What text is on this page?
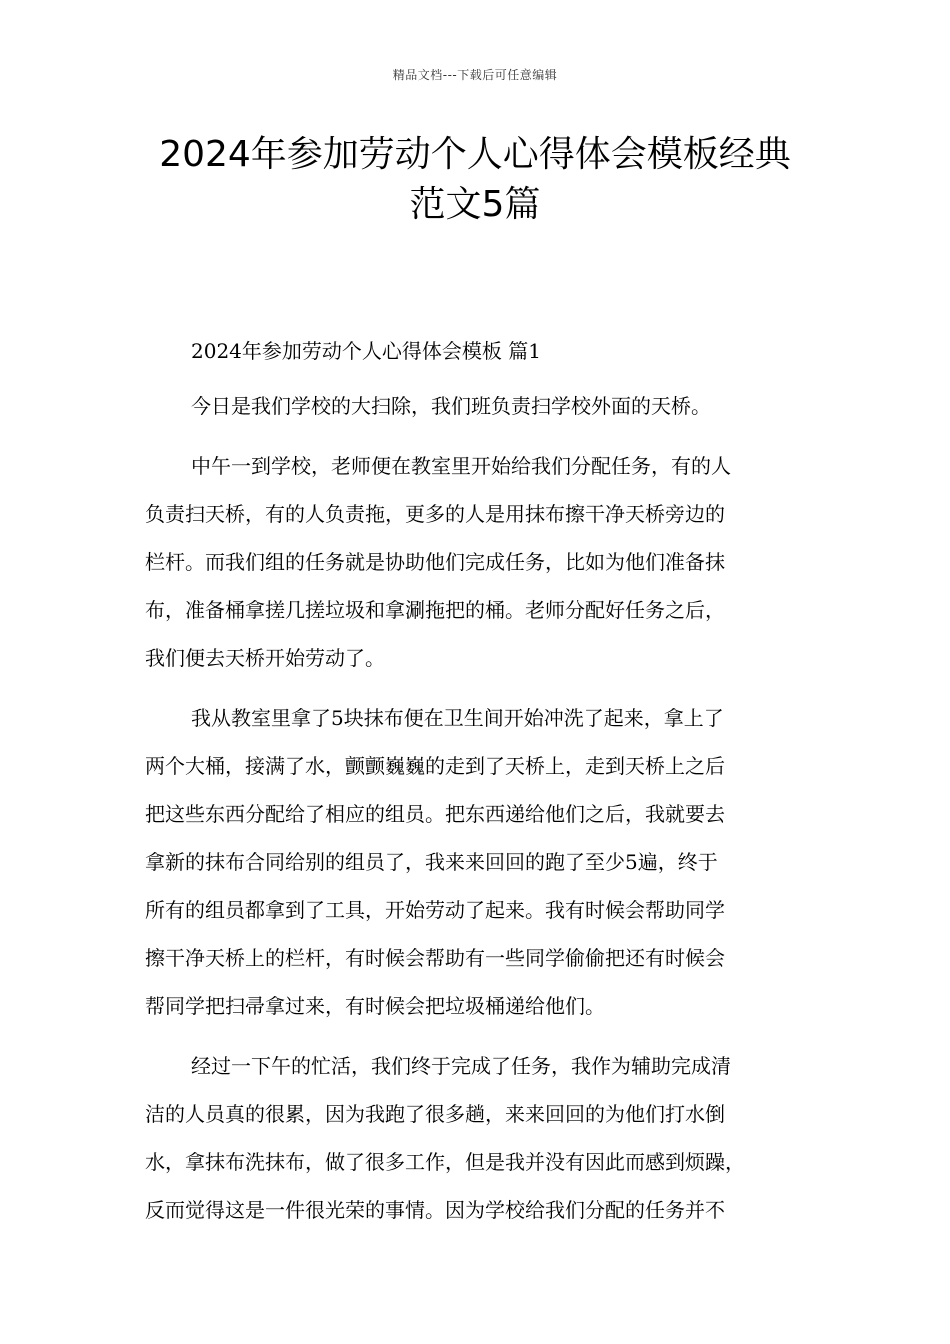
精品文档---下载后可任意编辑
2024年参加劳动个人心得体会模板经典
范文5篇
2024年参加劳动个人心得体会模板 篇1

今日是我们学校的大扫除，我们班负责扫学校外面的天桥。

中午一到学校，老师便在教室里开始给我们分配任务，有的人
负责扫天桥，有的人负责拖，更多的人是用抹布擦干净天桥旁边的
栏杆。而我们组的任务就是协助他们完成任务，比如为他们准备抹
布，准备桶拿搓几搓垃圾和拿涮拖把的桶。老师分配好任务之后，
我们便去天桥开始劳动了。

我从教室里拿了5块抹布便在卫生间开始冲洗了起来，拿上了
两个大桶，接满了水，颤颤巍巍的走到了天桥上，走到天桥上之后
把这些东西分配给了相应的组员。把东西递给他们之后，我就要去
拿新的抹布合同给别的组员了，我来来回回的跑了至少5遍，终于
所有的组员都拿到了工具，开始劳动了起来。我有时候会帮助同学
擦干净天桥上的栏杆，有时候会帮助有一些同学偷偷把还有时候会
帮同学把扫帚拿过来，有时候会把垃圾桶递给他们。

经过一下午的忙活，我们终于完成了任务，我作为辅助完成清
洁的人员真的很累，因为我跑了很多趟，来来回回的为他们打水倒
水，拿抹布洗抹布，做了很多工作，但是我并没有因此而感到烦躁，
反而觉得这是一件很光荣的事情。因为学校给我们分配的任务并不
